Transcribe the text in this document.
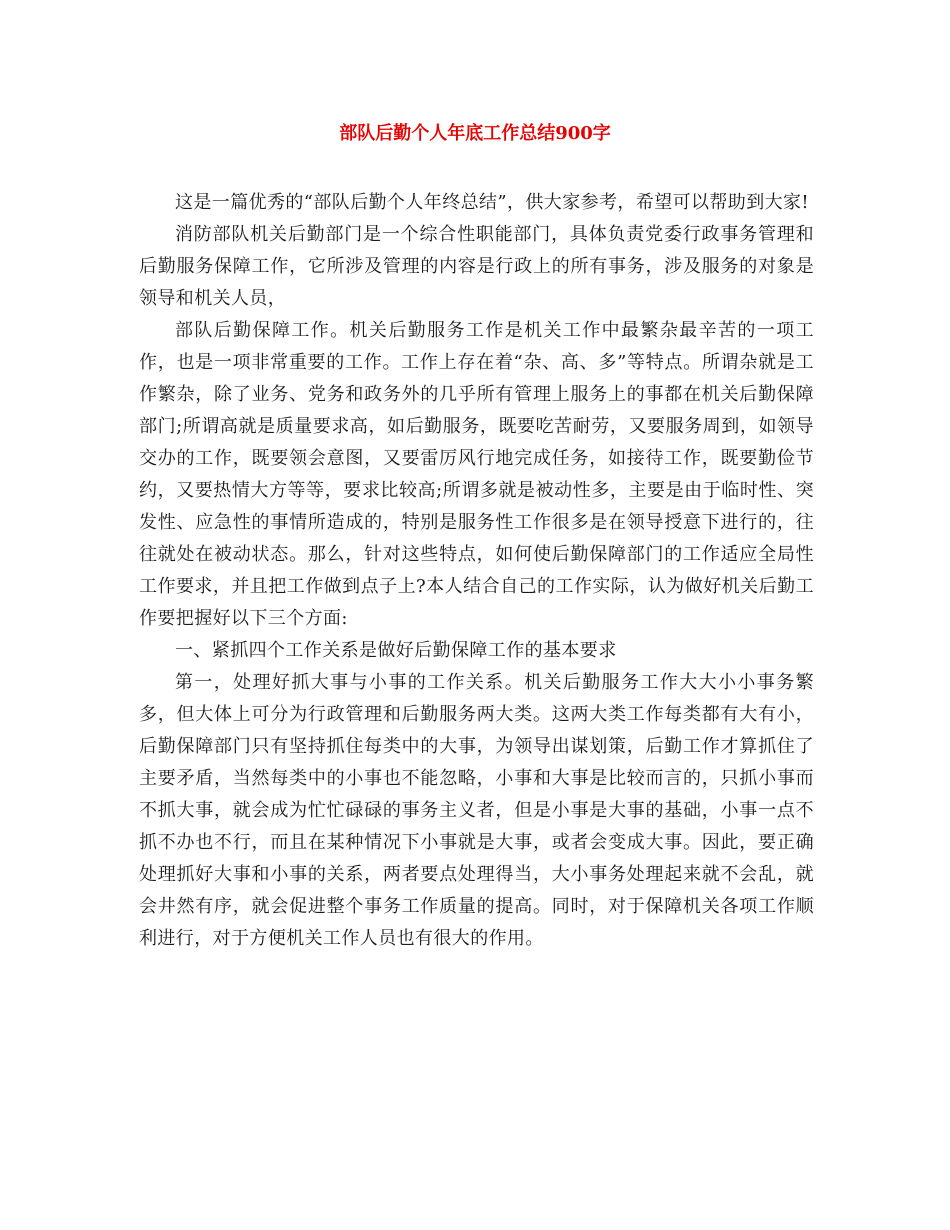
部队后勤个人年底工作总结900字

这是一篇优秀的“部队后勤个人年终总结”，供大家参考，希望可以帮助到大家!

消防部队机关后勤部门是一个综合性职能部门，具体负责党委行政事务管理和后勤服务保障工作，它所涉及管理的内容是行政上的所有事务，涉及服务的对象是领导和机关人员，

部队后勤保障工作。机关后勤服务工作是机关工作中最繁杂最辛苦的一项工作，也是一项非常重要的工作。工作上存在着“杂、高、多”等特点。所谓杂就是工作繁杂，除了业务、党务和政务外的几乎所有管理上服务上的事都在机关后勤保障部门;所谓高就是质量要求高，如后勤服务，既要吃苦耐劳，又要服务周到，如领导交办的工作，既要领会意图，又要雷厉风行地完成任务，如接待工作，既要勤俭节约，又要热情大方等等，要求比较高;所谓多就是被动性多，主要是由于临时性、突发性、应急性的事情所造成的，特别是服务性工作很多是在领导授意下进行的，往往就处在被动状态。那么，针对这些特点，如何使后勤保障部门的工作适应全局性工作要求，并且把工作做到点子上?本人结合自己的工作实际，认为做好机关后勤工作要把握好以下三个方面:

一、紧抓四个工作关系是做好后勤保障工作的基本要求

第一，处理好抓大事与小事的工作关系。机关后勤服务工作大大小小事务繁多，但大体上可分为行政管理和后勤服务两大类。这两大类工作每类都有大有小，后勤保障部门只有坚持抓住每类中的大事，为领导出谋划策，后勤工作才算抓住了主要矛盾，当然每类中的小事也不能忽略，小事和大事是比较而言的，只抓小事而不抓大事，就会成为忙忙碌碌的事务主义者，但是小事是大事的基础，小事一点不抓不办也不行，而且在某种情况下小事就是大事，或者会变成大事。因此，要正确处理抓好大事和小事的关系，两者要点处理得当，大小事务处理起来就不会乱，就会井然有序，就会促进整个事务工作质量的提高。同时，对于保障机关各项工作顺利进行，对于方便机关工作人员也有很大的作用。
